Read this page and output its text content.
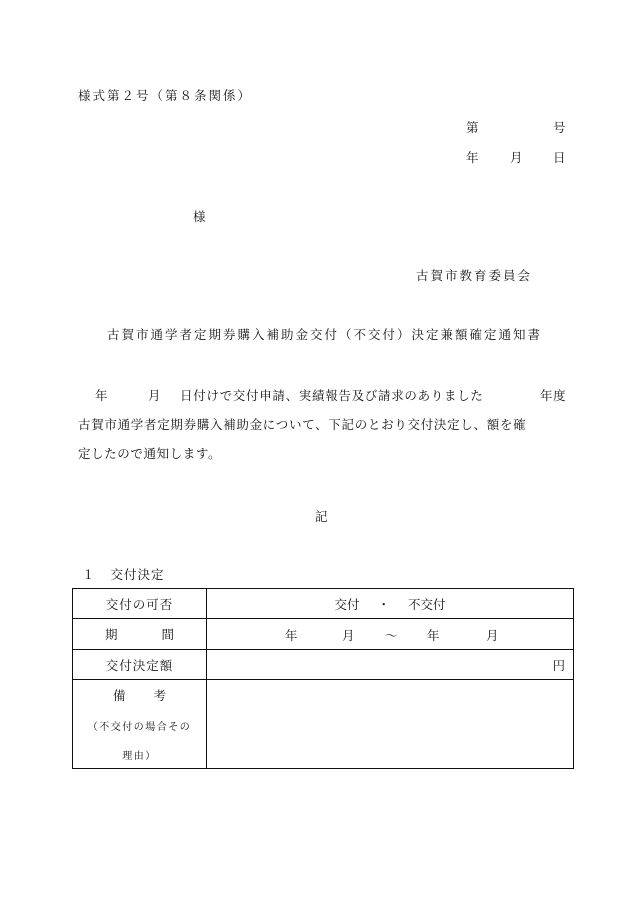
様式第２号（第８条関係）
第	号
年	月 日
様
古賀市教育委員会
古賀市通学者定期券購入補助金交付（不交付）決定兼額確定通知書
年	月 日付けで交付申請、実績報告及び請求のありました	年度
古賀市通学者定期券購入補助金について、下記のとおり交付決定し、額を確
定したので通知します。
記
１ 交付決定
交付の可否	交付 ・ 不交付

期 間	年 月 ～ 年 月

交付決定額	円

備 考
（不交付の場合その
理由）	
